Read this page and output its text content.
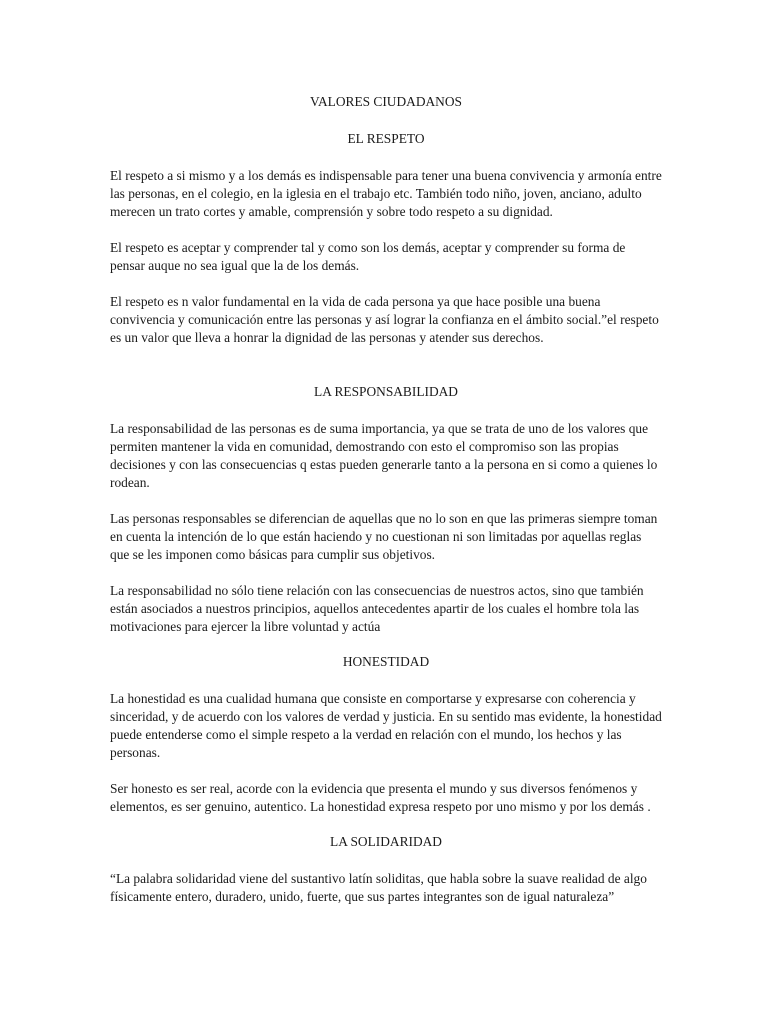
VALORES CIUDADANOS
EL RESPETO

El respeto a si mismo y a los demás es indispensable para tener una buena convivencia y armonía entre las personas, en el colegio, en la iglesia en el trabajo etc. También todo niño, joven, anciano, adulto merecen un trato cortes y amable, comprensión y sobre todo respeto a su dignidad.

El respeto es aceptar y comprender tal y como son los demás, aceptar y comprender su forma de pensar auque no sea igual que la de los demás.

El respeto es n valor fundamental en la vida de cada persona ya que hace posible una buena convivencia y comunicación entre las personas y así lograr la confianza en el ámbito social.”el respeto es un valor que lleva a honrar la dignidad de las personas y atender sus derechos.

LA RESPONSABILIDAD

La responsabilidad de las personas es de suma importancia, ya que se trata de uno de los valores que permiten mantener la vida en comunidad, demostrando con esto el compromiso son las propias decisiones y con las consecuencias q estas pueden generarle tanto a la persona en si como a quienes lo rodean.

Las personas responsables se diferencian de aquellas que no lo son en que las primeras siempre toman en cuenta la intención de lo que están haciendo y no cuestionan ni son limitadas por aquellas reglas que se les imponen como básicas para cumplir sus objetivos.

La responsabilidad no sólo tiene relación con las consecuencias de nuestros actos, sino que también están asociados a nuestros principios, aquellos antecedentes apartir de los cuales el hombre tola las motivaciones para ejercer la libre voluntad y actúa

HONESTIDAD

La honestidad es una cualidad humana que consiste en comportarse y expresarse con coherencia y sinceridad, y de acuerdo con los valores de verdad y justicia. En su sentido mas evidente, la honestidad puede entenderse como el simple respeto a la verdad en relación con el mundo, los hechos y las personas.

Ser honesto es ser real, acorde con la evidencia que presenta el mundo y sus diversos fenómenos y elementos, es ser genuino, autentico. La honestidad expresa respeto por uno mismo y por los demás .

LA SOLIDARIDAD

“La palabra solidaridad viene del sustantivo latín soliditas, que habla sobre la suave realidad de algo físicamente entero, duradero, unido, fuerte, que sus partes integrantes son de igual naturaleza”
